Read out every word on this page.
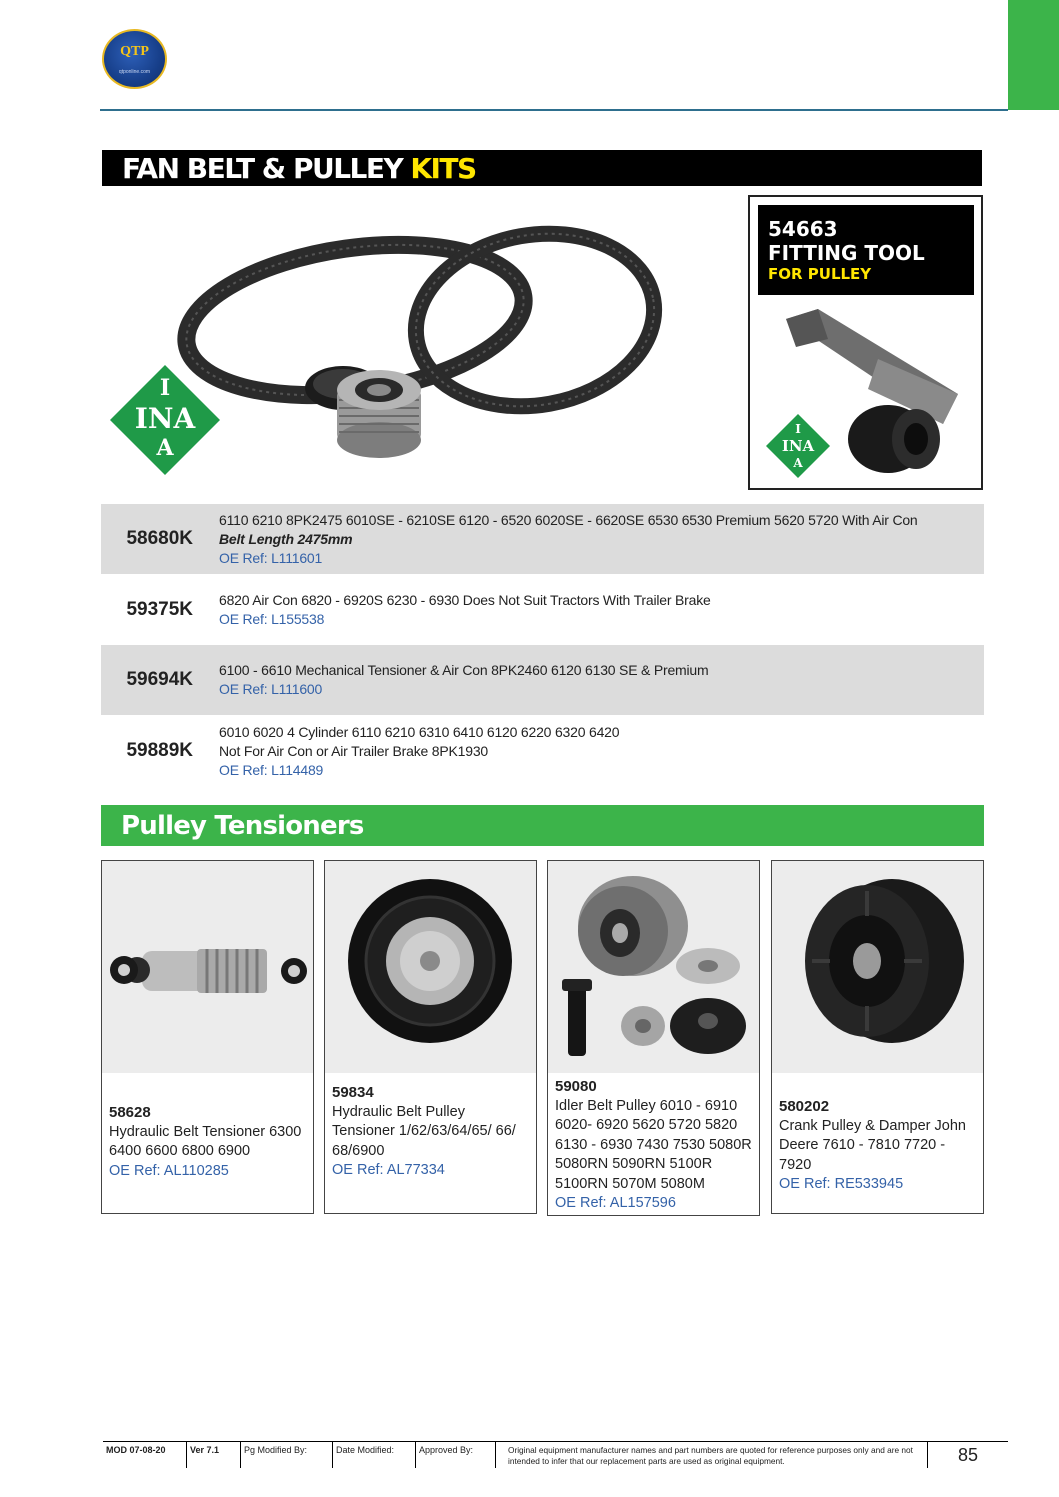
QTP
qtponline.com
FAN BELT & PULLEY KITS
I
INA
A
54663
FITTING TOOL
FOR PULLEY
I
INA
A
58680K
6110 6210 8PK2475 6010SE - 6210SE 6120 - 6520 6020SE - 6620SE 6530 6530 Premium 5620 5720 With Air Con
Belt Length 2475mm
OE Ref: L111601
59375K	6820 Air Con 6820 - 6920S 6230 - 6930 Does Not Suit Tractors With Trailer Brake
OE Ref: L155538
59694K	6100 - 6610 Mechanical Tensioner & Air Con 8PK2460 6120 6130 SE & Premium
OE Ref: L111600
59889K
6010 6020 4 Cylinder 6110 6210 6310 6410 6120 6220 6320 6420
Not For Air Con or Air Trailer Brake 8PK1930
OE Ref: L114489
Pulley Tensioners
58628
Hydraulic Belt Tensioner 6300 6400 6600 6800 6900
OE Ref: AL110285
59834
Hydraulic Belt Pulley Tensioner 1/62/63/64/65/ 66/ 68/6900
OE Ref: AL77334
59080
Idler Belt Pulley 6010 - 6910 6020- 6920 5620 5720 5820 6130 - 6930 7430 7530 5080R 5080RN 5090RN 5100R 5100RN 5070M 5080M
OE Ref: AL157596
580202
Crank Pulley & Damper John Deere 7610 - 7810 7720 - 7920
OE Ref: RE533945
MOD 07-08-20	Ver 7.1	Pg Modified By:	Date Modified:	Approved By:	Original equipment manufacturer names and part numbers are quoted for reference purposes only and are not intended to infer that our replacement parts are used as original equipment.	85
